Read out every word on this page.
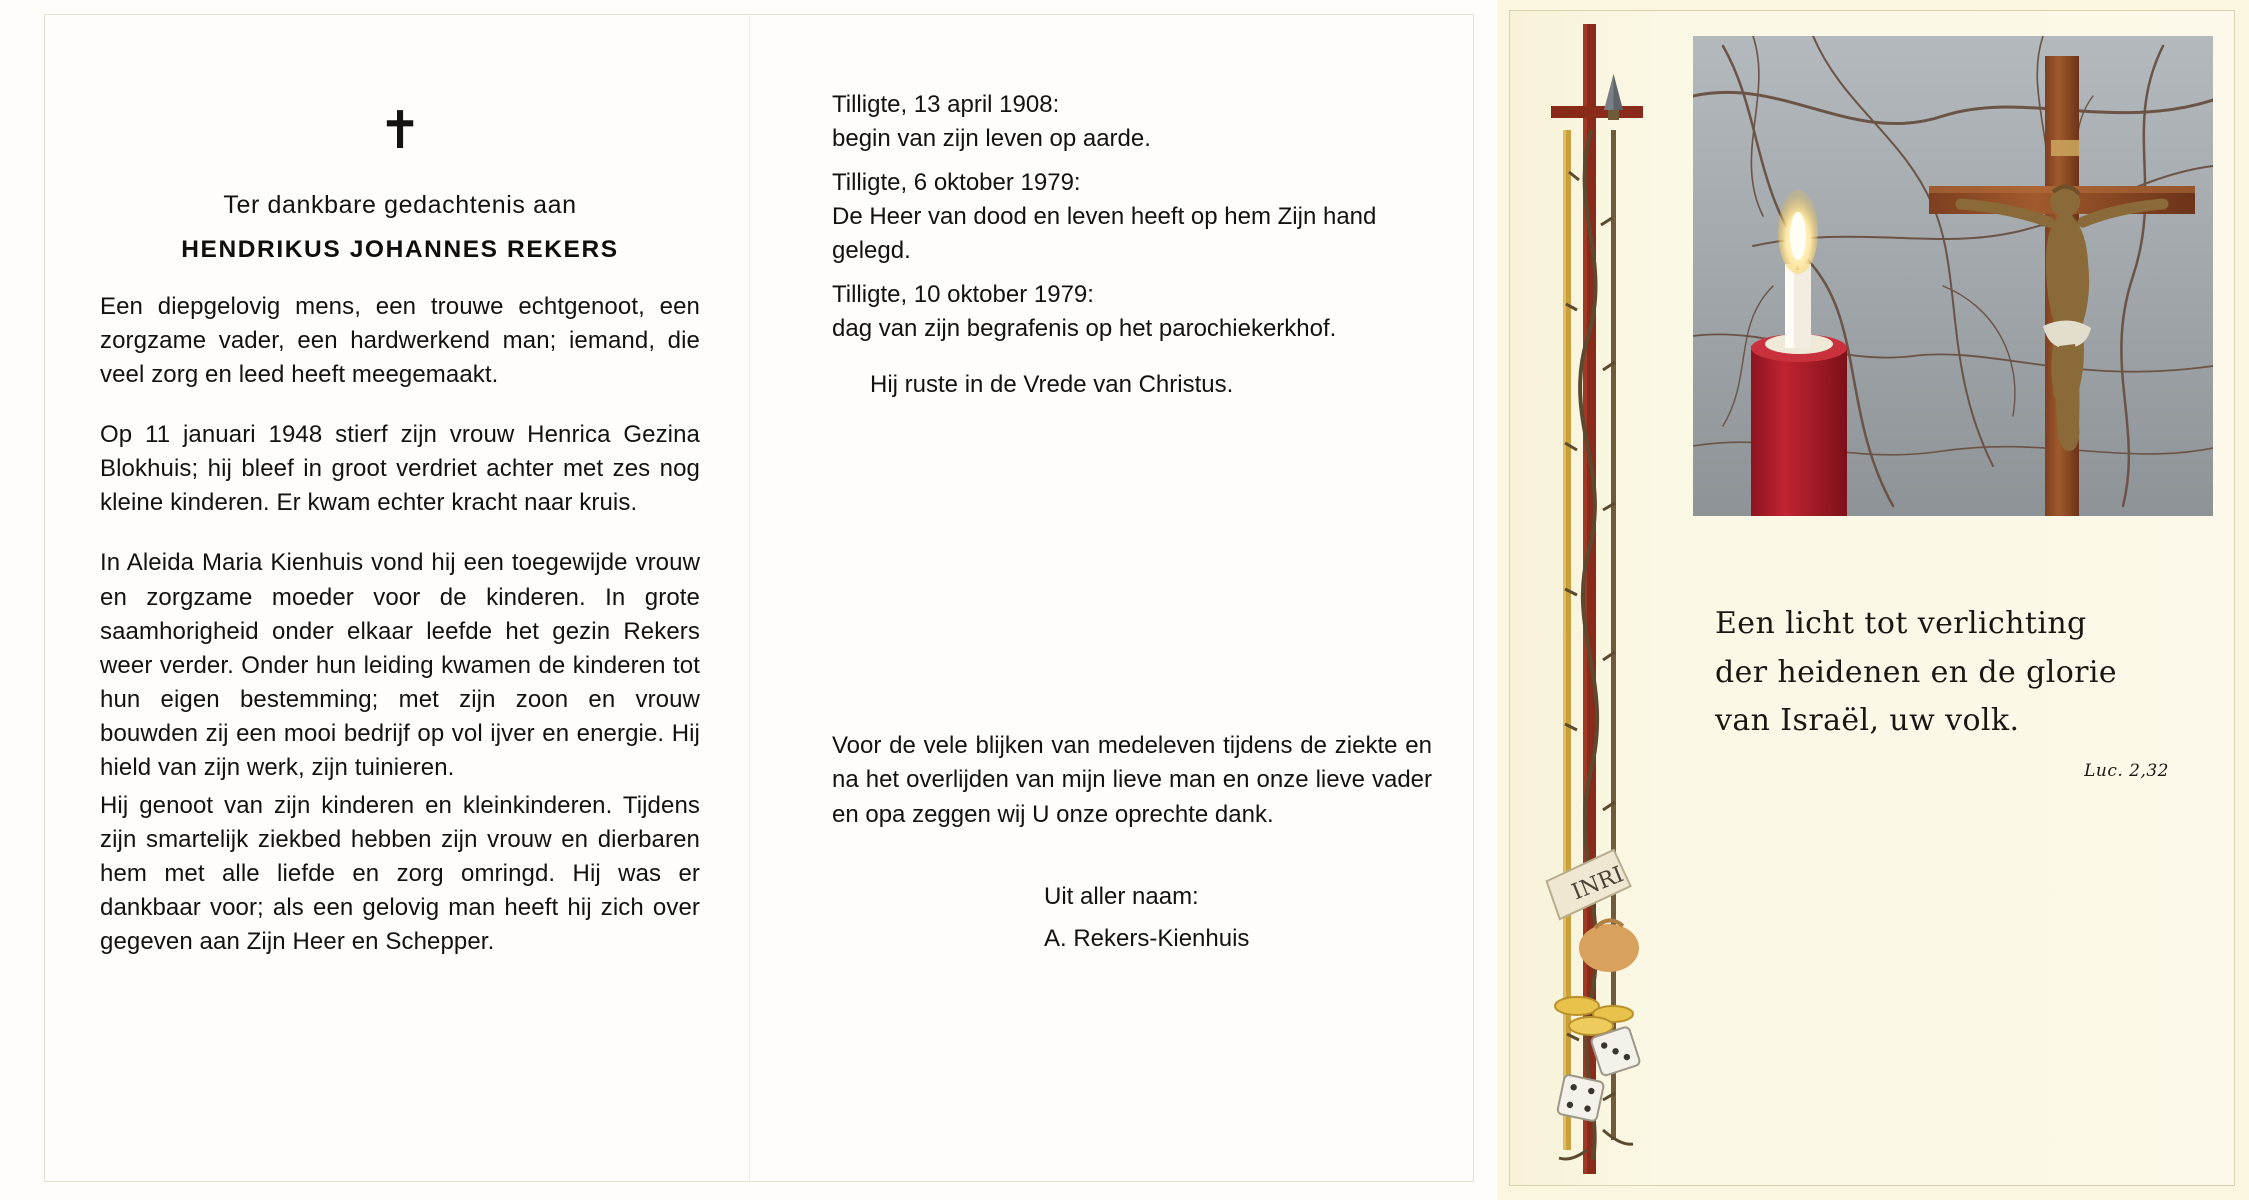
✝
Ter dankbare gedachtenis aan
HENDRIKUS JOHANNES REKERS

Een diepgelovig mens, een trouwe echtgenoot, een zorgzame vader, een hardwerkend man; iemand, die veel zorg en leed heeft meegemaakt.

Op 11 januari 1948 stierf zijn vrouw Henrica Gezina Blokhuis; hij bleef in groot verdriet achter met zes nog kleine kinderen. Er kwam echter kracht naar kruis.

In Aleida Maria Kienhuis vond hij een toegewijde vrouw en zorgzame moeder voor de kinderen. In grote saamhorigheid onder elkaar leefde het gezin Rekers weer verder. Onder hun leiding kwamen de kinderen tot hun eigen bestemming; met zijn zoon en vrouw bouwden zij een mooi bedrijf op vol ijver en energie. Hij hield van zijn werk, zijn tuinieren.

Hij genoot van zijn kinderen en kleinkinderen. Tijdens zijn smartelijk ziekbed hebben zijn vrouw en dierbaren hem met alle liefde en zorg omringd. Hij was er dankbaar voor; als een gelovig man heeft hij zich over gegeven aan Zijn Heer en Schepper.

Tilligte, 13 april 1908:
begin van zijn leven op aarde.
Tilligte, 6 oktober 1979:
De Heer van dood en leven heeft op hem Zijn hand gelegd.
Tilligte, 10 oktober 1979:
dag van zijn begrafenis op het parochiekerkhof.
Hij ruste in de Vrede van Christus.
Voor de vele blijken van medeleven tijdens de ziekte en na het overlijden van mijn lieve man en onze lieve vader en opa zeggen wij U onze oprechte dank.
Uit aller naam:
A. Rekers-Kienhuis
INRI
Een licht tot verlichting
der heidenen en de glorie
van Israël, uw volk.
Luc. 2,32
